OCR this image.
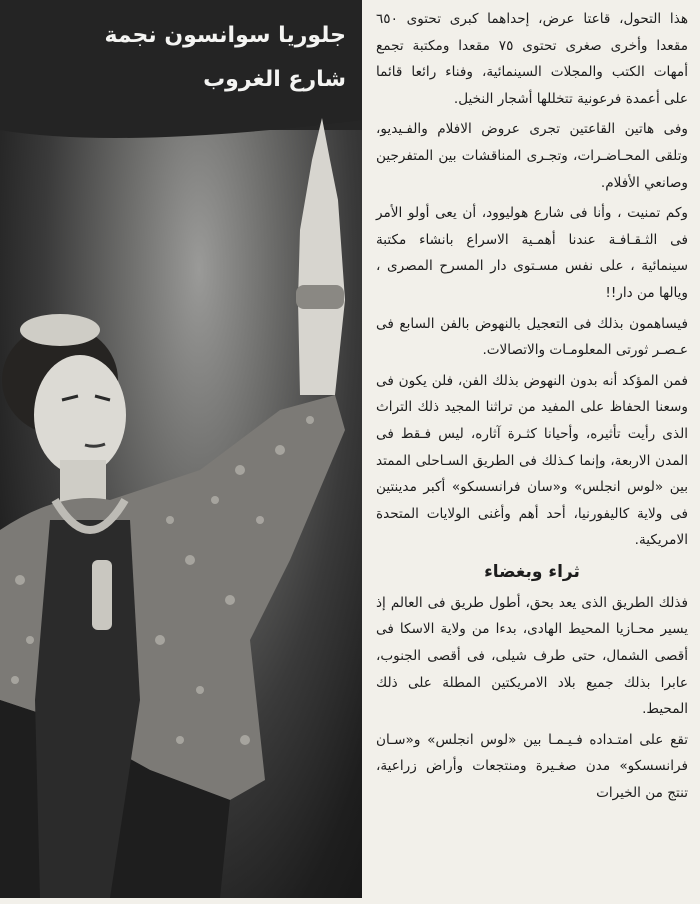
جلوريا سوانسون نجمة
شارع الغروب

هذا التحول، قاعتا عرض، إحداهما كبرى تحتوى ٦٥٠ مقعدا وأخرى صغرى تحتوى ٧٥ مقعدا ومكتبة تجمع أمهات الكتب والمجلات السينمائية، وفناء رائعا قائما على أعمدة فرعونية تتخللها أشجار النخيل.

وفى هاتين القاعتين تجرى عروض الافلام والفـيديو، وتلقى المحـاضـرات، وتجـرى المناقشات بين المتفرجين وصانعي الأفلام.

وكم تمنيت ، وأنا فى شارع هوليوود، أن يعى أولو الأمر فى الثـقـافـة عندنا أهمـية الاسراع بانشاء مكتبة سينمائية ، على نفس مسـتوى دار المسرح المصرى ، ويالها من دار!!

فيساهمون بذلك فى التعجيل بالنهوض بالفن السابع فى عـصـر ثورتى المعلومـات والاتصالات.

فمن المؤكد أنه بدون النهوض بذلك الفن، فلن يكون فى وسعنا الحفاظ على المفيد من تراثنا المجيد ذلك التراث الذى رأيت تأثيره، وأحيانا كثـرة آثاره، ليس فـقط فى المدن الاربعة، وإنما كـذلك فى الطريق السـاحلى الممتد بين «لوس انجلس» و«سان فرانسسكو» أكبر مدينتين فى ولاية كاليفورنيا، أحد أهم وأغنى الولايات المتحدة الامريكية.

ثراء وبغضاء

فذلك الطريق الذى يعد بحق، أطول طريق فى العالم إذ يسير محـازيا المحيط الهادى، بدءا من ولاية الاسكا فى أقصى الشمال، حتى طرف شيلى، فى أقصى الجنوب، عابرا بذلك جميع بلاد الامريكتين المطلة على ذلك المحيط.

تقع على امتـداده فـيـمـا بين «لوس انجلس» و«سـان فرانسسكو» مدن صغـيرة ومنتجعات وأراض زراعية، تنتج من الخيرات
